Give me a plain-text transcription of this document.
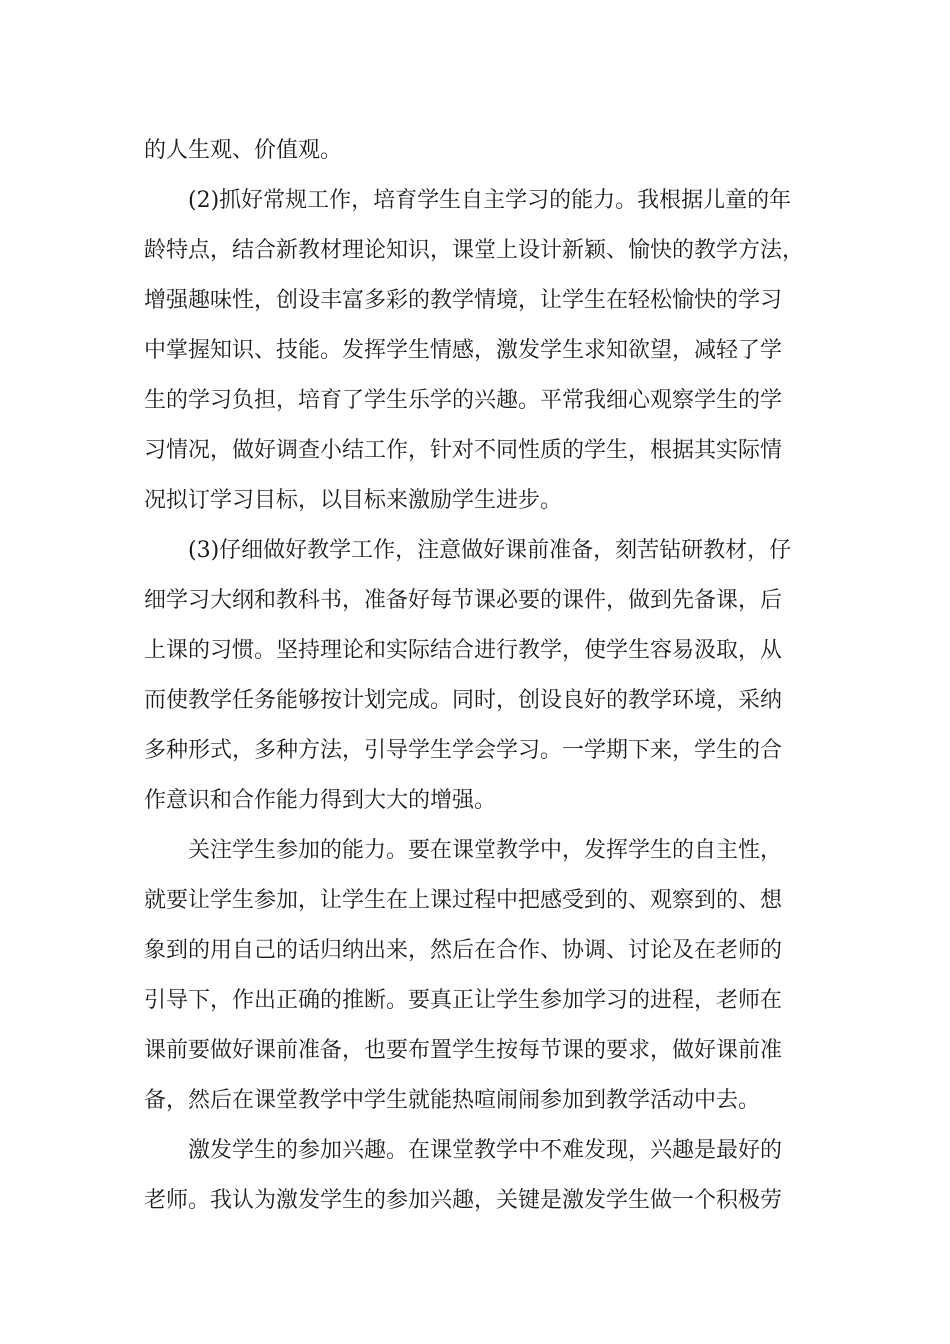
的人生观、价值观。
(2)抓好常规工作，培育学生自主学习的能力。我根据儿童的年
龄特点，结合新教材理论知识，课堂上设计新颖、愉快的教学方法，
增强趣味性，创设丰富多彩的教学情境，让学生在轻松愉快的学习
中掌握知识、技能。发挥学生情感，激发学生求知欲望，减轻了学
生的学习负担，培育了学生乐学的兴趣。平常我细心观察学生的学
习情况，做好调查小结工作，针对不同性质的学生，根据其实际情
况拟订学习目标，以目标来激励学生进步。
(3)仔细做好教学工作，注意做好课前准备，刻苦钻研教材，仔
细学习大纲和教科书，准备好每节课必要的课件，做到先备课，后
上课的习惯。坚持理论和实际结合进行教学，使学生容易汲取，从
而使教学任务能够按计划完成。同时，创设良好的教学环境，采纳
多种形式，多种方法，引导学生学会学习。一学期下来，学生的合
作意识和合作能力得到大大的增强。
关注学生参加的能力。要在课堂教学中，发挥学生的自主性，
就要让学生参加，让学生在上课过程中把感受到的、观察到的、想
象到的用自己的话归纳出来，然后在合作、协调、讨论及在老师的
引导下，作出正确的推断。要真正让学生参加学习的进程，老师在
课前要做好课前准备，也要布置学生按每节课的要求，做好课前准
备，然后在课堂教学中学生就能热喧闹闹参加到教学活动中去。
激发学生的参加兴趣。在课堂教学中不难发现，兴趣是最好的
老师。我认为激发学生的参加兴趣，关键是激发学生做一个积极劳
